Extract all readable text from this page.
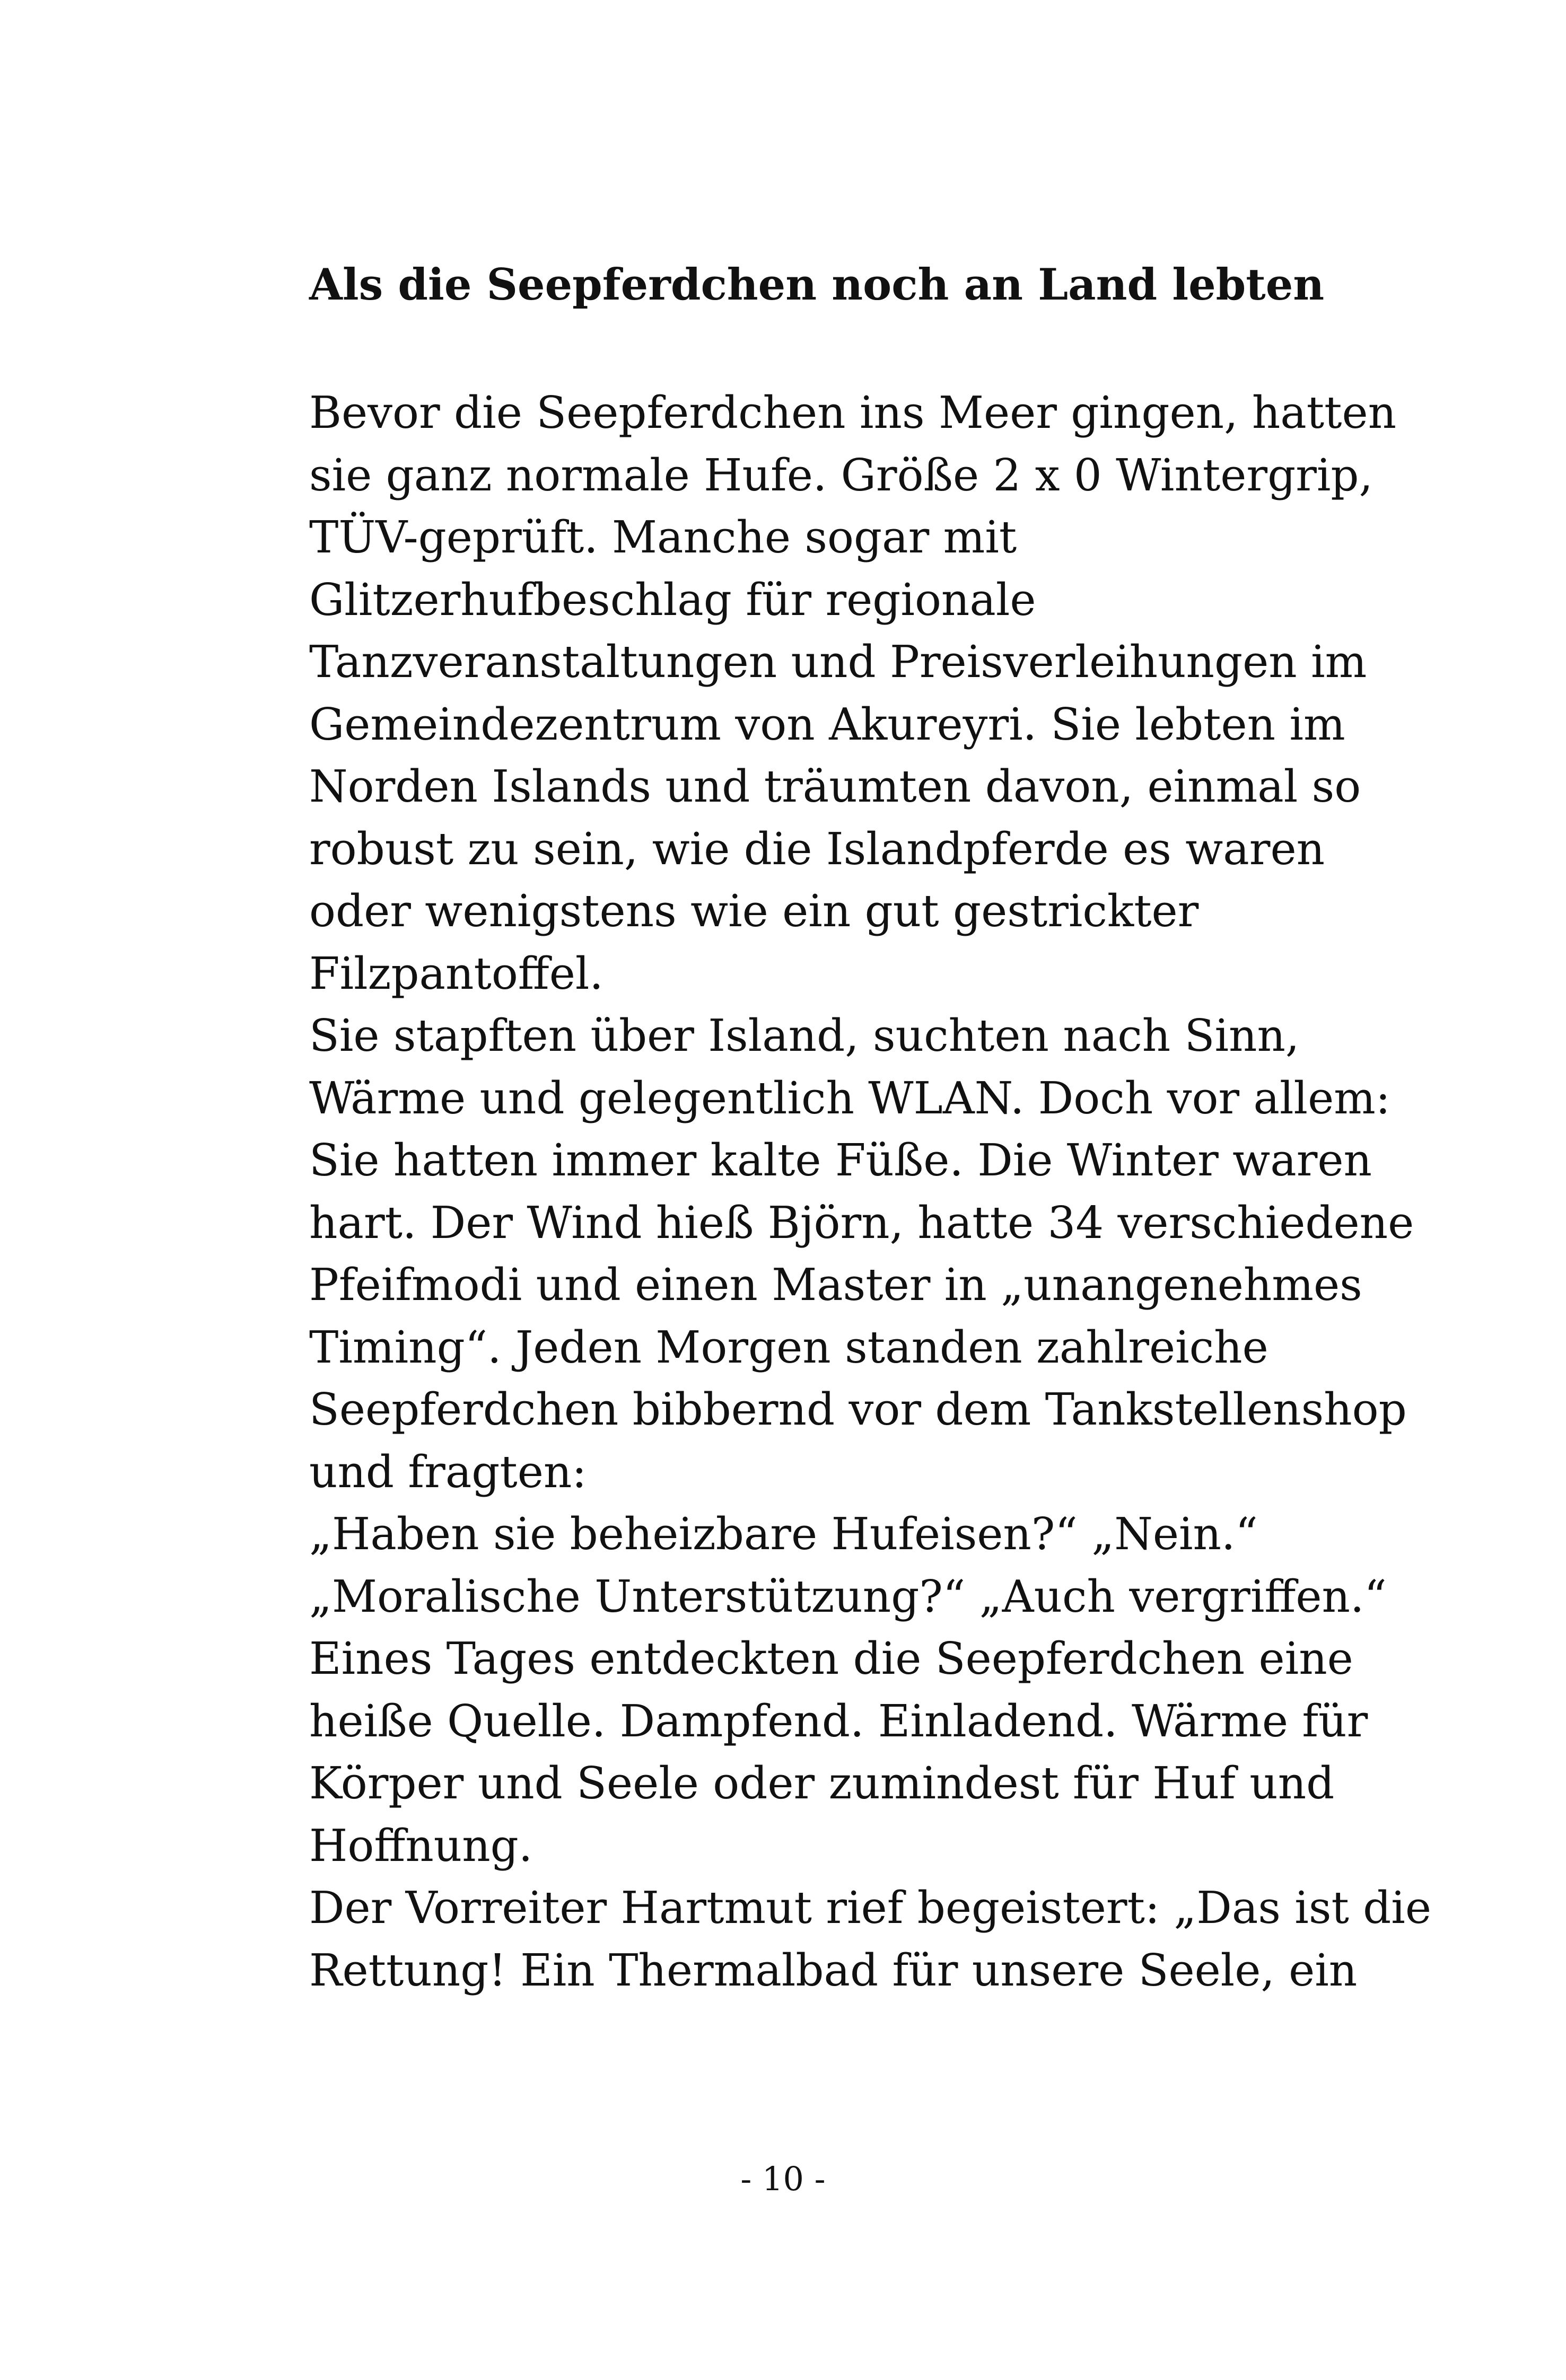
Als die Seepferdchen noch an Land lebten
Bevor die Seepferdchen ins Meer gingen, hatten
sie ganz normale Hufe. Größe 2 x 0 Wintergrip,
TÜV-geprüft. Manche sogar mit
Glitzerhufbeschlag für regionale
Tanzveranstaltungen und Preisverleihungen im
Gemeindezentrum von Akureyri. Sie lebten im
Norden Islands und träumten davon, einmal so
robust zu sein, wie die Islandpferde es waren
oder wenigstens wie ein gut gestrickter
Filzpantoffel.
Sie stapften über Island, suchten nach Sinn,
Wärme und gelegentlich WLAN. Doch vor allem:
Sie hatten immer kalte Füße. Die Winter waren
hart. Der Wind hieß Björn, hatte 34 verschiedene
Pfeifmodi und einen Master in „unangenehmes
Timing“. Jeden Morgen standen zahlreiche
Seepferdchen bibbernd vor dem Tankstellenshop
und fragten:
„Haben sie beheizbare Hufeisen?“ „Nein.“
„Moralische Unterstützung?“ „Auch vergriffen.“
Eines Tages entdeckten die Seepferdchen eine
heiße Quelle. Dampfend. Einladend. Wärme für
Körper und Seele oder zumindest für Huf und
Hoffnung.
Der Vorreiter Hartmut rief begeistert: „Das ist die
Rettung! Ein Thermalbad für unsere Seele, ein
- 10 -
